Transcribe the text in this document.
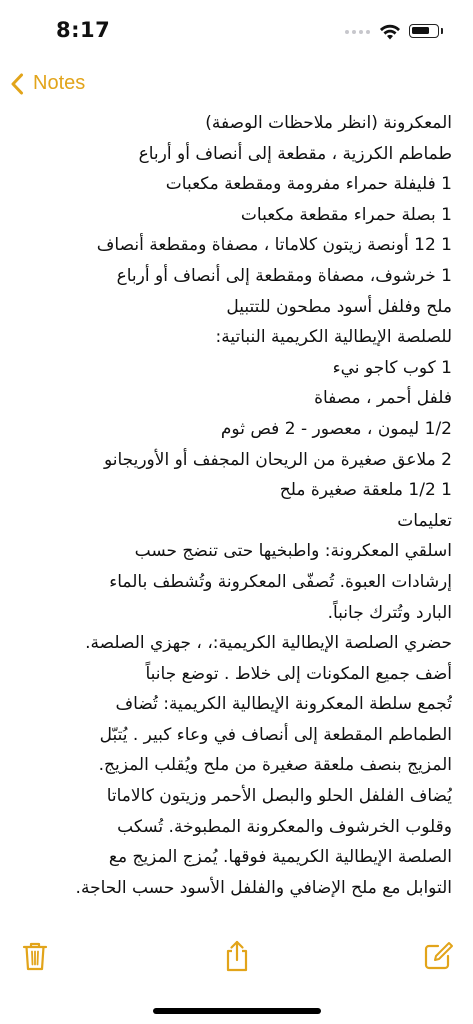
8:17
Notes
المعكرونة (انظر ملاحظات الوصفة)
طماطم الكرزية ، مقطعة إلى أنصاف أو أرباع
1 فليفلة حمراء مفرومة ومقطعة مكعبات
1 بصلة حمراء مقطعة مكعبات
1 12 أونصة زيتون كلاماتا ، مصفاة ومقطعة أنصاف
1 خرشوف، مصفاة ومقطعة إلى أنصاف أو أرباع
ملح وفلفل أسود مطحون للتتبيل
للصلصة الإيطالية الكريمية النباتية:
1 كوب كاجو نيء
فلفل أحمر ، مصفاة
1/2 ليمون ، معصور - 2 فص ثوم
2 ملاعق صغيرة من الريحان المجفف أو الأوريجانو
1 1/2 ملعقة صغيرة ملح
تعليمات
اسلقي المعكرونة: واطبخيها حتى تنضج حسب
إرشادات العبوة. تُصفّى المعكرونة وتُشطف بالماء
البارد وتُترك جانباً.
حضري الصلصة الإيطالية الكريمية:، ، جهزي الصلصة.
أضف جميع المكونات إلى خلاط . توضع جانباً
تُجمع سلطة المعكرونة الإيطالية الكريمية: تُضاف
الطماطم المقطعة إلى أنصاف في وعاء كبير . يُتبّل
المزيج بنصف ملعقة صغيرة من ملح ويُقلب المزيج.
يُضاف الفلفل الحلو والبصل الأحمر وزيتون كالاماتا
وقلوب الخرشوف والمعكرونة المطبوخة. تُسكب
الصلصة الإيطالية الكريمية فوقها. يُمزج المزيج مع
التوابل مع ملح الإضافي والفلفل الأسود حسب الحاجة.
